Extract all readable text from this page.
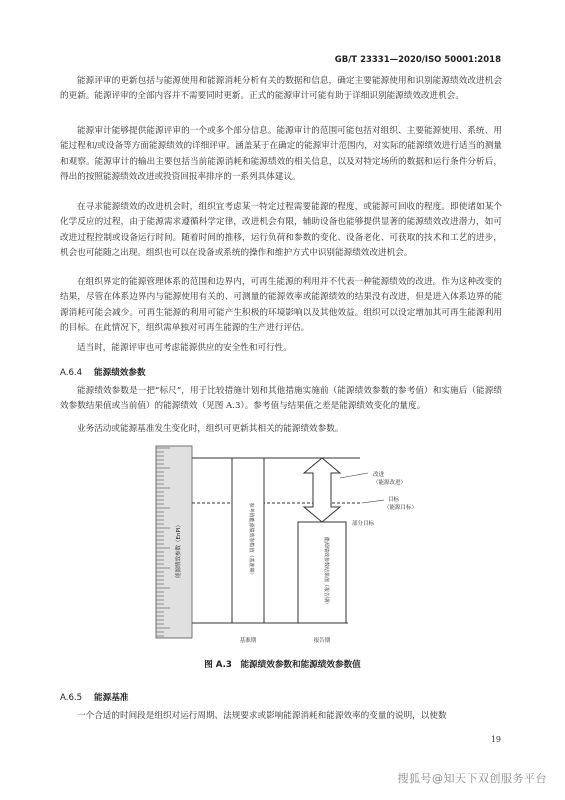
GB/T 23331—2020/ISO 50001:2018

能源评审的更新包括与能源使用和能源消耗分析有关的数据和信息，确定主要能源使用和识别能源绩效改进机会的更新。能源评审的全部内容并不需要同时更新。正式的能源审计可能有助于详细识别能源绩效改进机会。

能源审计能够提供能源评审的一个或多个部分信息。能源审计的范围可能包括对组织、主要能源使用、系统、用能过程和/或设备等方面能源绩效的详细评审。涵盖某于在确定的能源审计范围内，对实际的能源绩效进行适当的测量和观察。能源审计的输出主要包括当前能源消耗和能源绩效的相关信息，以及对特定场所的数据和运行条件分析后，得出的按照能源绩效改进或投资回报率排序的一系列具体建议。

在寻求能源绩效的改进机会时，组织宜考虑某一特定过程需要能源的程度，或能源可回收的程度。即使诸如某个化学反应的过程，由于能源需求遵循科学定律，改进机会有限，辅助设备也能够提供显著的能源绩效改进潜力，如可改进过程控制或设备运行时间。随着时间的推移，运行负荷和参数的变化、设备老化、可获取的技术和工艺的进步，机会也可能随之出现。组织也可以在设备或系统的操作和维护方式中识别能源绩效改进机会。

在组织界定的能源管理体系的范围和边界内，可再生能源的利用并不代表一种能源绩效的改进。作为这种改变的结果，尽管在体系边界内与能源使用有关的、可测量的能源效率或能源绩效的结果没有改进，但是进入体系边界的能源消耗可能会减少。可再生能源的利用可能产生积极的环境影响以及其他效益。组织可以设定增加其可再生能源利用的目标。在此情况下，组织需单独对可再生能源的生产进行评估。

适当时，能源评审也可考虑能源供应的安全性和可行性。

A.6.4 能源绩效参数

能源绩效参数是一把“标尺”，用于比较措施计划和其他措施实施前（能源绩效参数的参考值）和实施后（能源绩效参数结果值或当前值）的能源绩效（见图 A.3）。参考值与结果值之差是能源绩效变化的量度。

业务活动或能源基准发生变化时，组织可更新其相关的能源绩效参数。

能源绩效参数（EnPI）	参考值能源绩效参数值（基准期）	能源绩效参数结果值（报告期）
改进
（能源改进）
目标
（能源目标）
部分目标
基准期	报告期
图 A.3　能源绩效参数和能源绩效参数值
A.6.5 能源基准

一个合适的时间段是组织对运行周期、法规要求或影响能源消耗和能源效率的变量的说明，以使数

19
搜狐号@知天下双创服务平台
